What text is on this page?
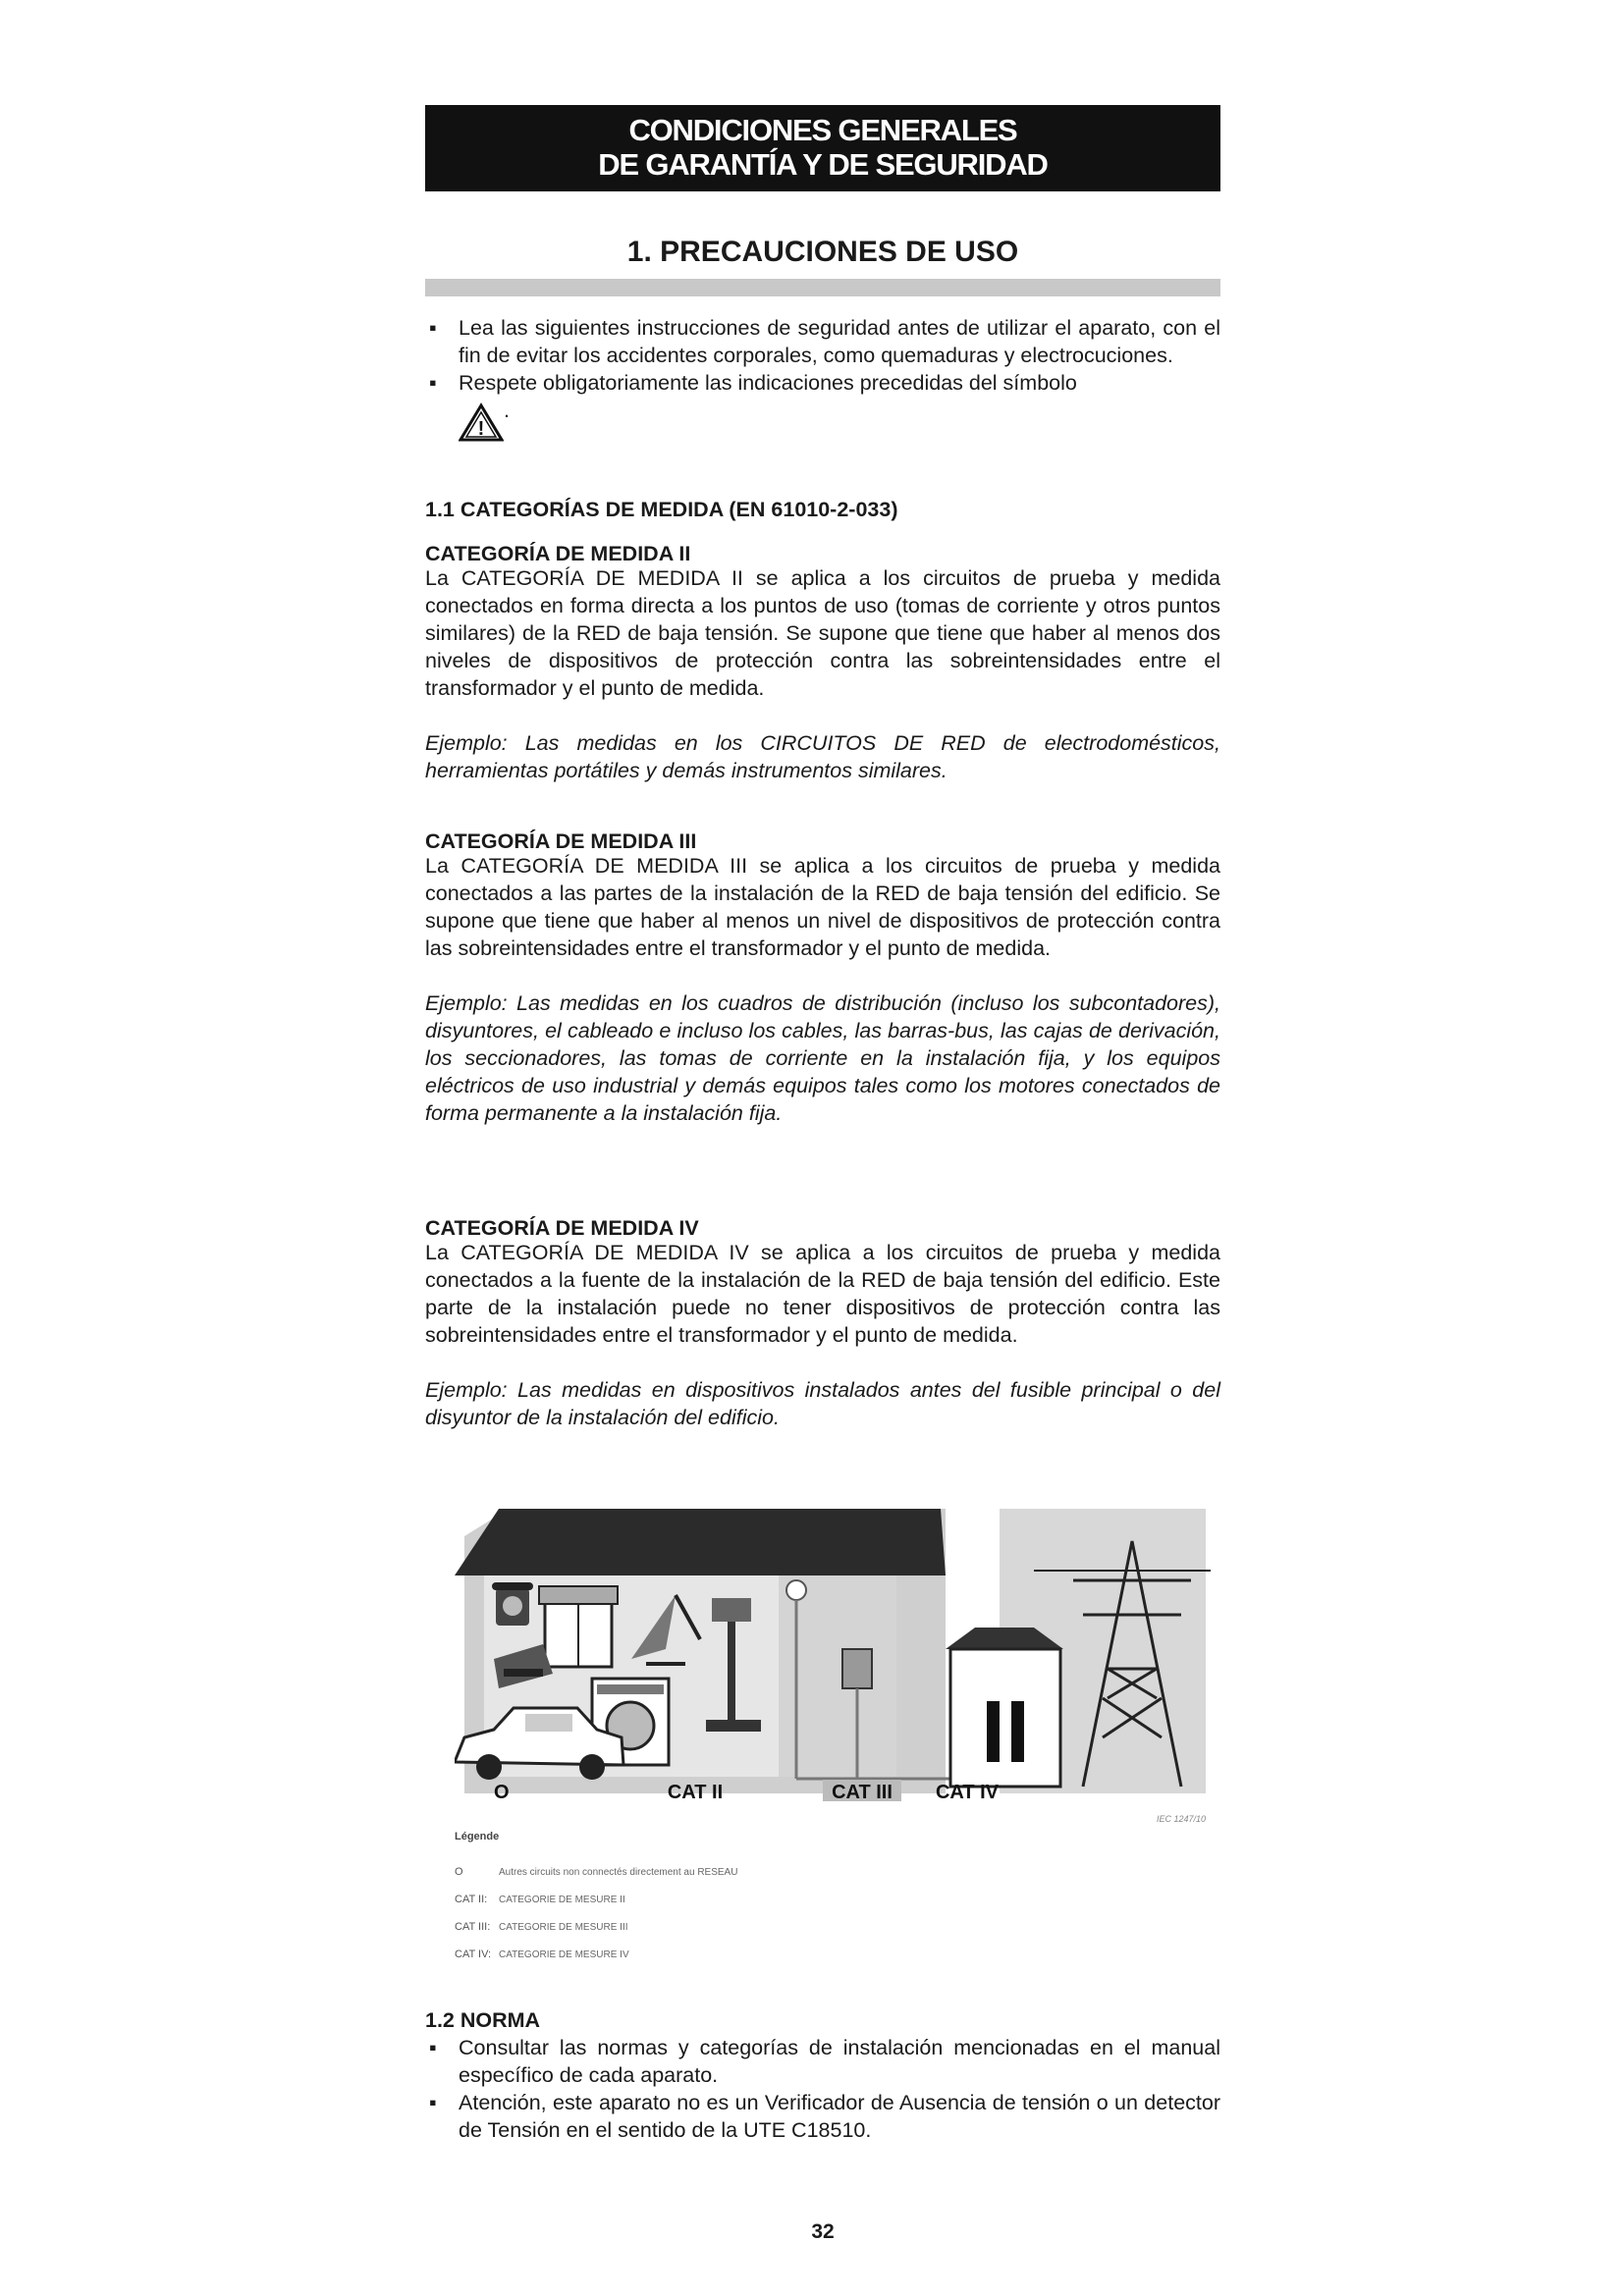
CONDICIONES GENERALES
DE GARANTÍA Y DE SEGURIDAD
1. PRECAUCIONES DE USO
▪ Lea las siguientes instrucciones de seguridad antes de utilizar el aparato, con el fin de evitar los accidentes corporales, como quemaduras y electrocuciones.
▪ Respete obligatoriamente las indicaciones precedidas del símbolo

!
.
1.1 CATEGORÍAS DE MEDIDA (EN 61010-2-033)
CATEGORÍA DE MEDIDA II
La CATEGORÍA DE MEDIDA II se aplica a los circuitos de prueba y medida conectados en forma directa a los puntos de uso (tomas de corriente y otros puntos similares) de la RED de baja tensión. Se supone que tiene que haber al menos dos niveles de dispositivos de protección contra las sobreintensidades entre el transformador y el punto de medida.
Ejemplo: Las medidas en los CIRCUITOS DE RED de electrodomésticos, herramientas portátiles y demás instrumentos similares.
CATEGORÍA DE MEDIDA III
La CATEGORÍA DE MEDIDA III se aplica a los circuitos de prueba y medida conectados a las partes de la instalación de la RED de baja tensión del edificio. Se supone que tiene que haber al menos un nivel de dispositivos de protección contra las sobreintensidades entre el transformador y el punto de medida.
Ejemplo: Las medidas en los cuadros de distribución (incluso los subcontadores), disyuntores, el cableado e incluso los cables, las barras-bus, las cajas de derivación, los seccionadores, las tomas de corriente en la instalación fija, y los equipos eléctricos de uso industrial y demás equipos tales como los motores conectados de forma permanente a la instalación fija.
CATEGORÍA DE MEDIDA IV
La CATEGORÍA DE MEDIDA IV se aplica a los circuitos de prueba y medida conectados a la fuente de la instalación de la RED de baja tensión del edificio. Este parte de la instalación puede no tener dispositivos de protección contra las sobreintensidades entre el transformador y el punto de medida.
Ejemplo: Las medidas en dispositivos instalados antes del fusible principal o del disyuntor de la instalación del edificio.
II
O	CAT II	CAT III CAT IV
IEC 1247/10
Légende
O	Autres circuits non connectés directement au RESEAU
CAT II: CATEGORIE DE MESURE II
CAT III: CATEGORIE DE MESURE III
CAT IV: CATEGORIE DE MESURE IV
1.2 NORMA
▪ Consultar las normas y categorías de instalación mencionadas en el manual específico de cada aparato.
▪ Atención, este aparato no es un Verificador de Ausencia de tensión o un detector de Tensión en el sentido de la UTE C18510.
32
